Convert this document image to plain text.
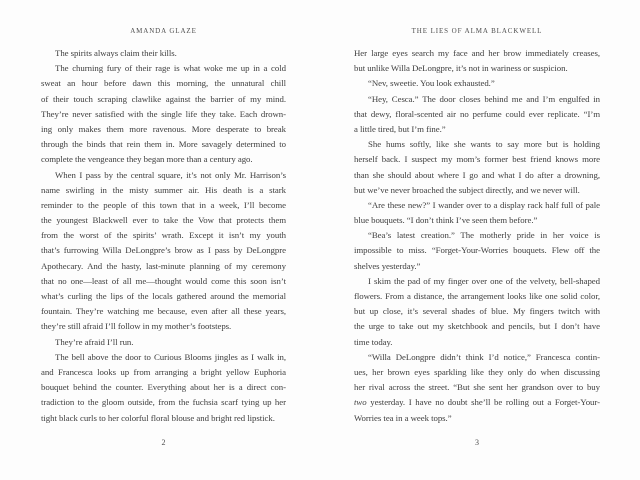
AMANDA GLAZE
The spirits always claim their kills.
The churning fury of their rage is what woke me up in a cold
sweat an hour before dawn this morning, the unnatural chill
of their touch scraping clawlike against the barrier of my mind.
They’re never satisfied with the single life they take. Each drown-
ing only makes them more ravenous. More desperate to break
through the binds that rein them in. More savagely determined to
complete the vengeance they began more than a century ago.
When I pass by the central square, it’s not only Mr. Harrison’s
name swirling in the misty summer air. His death is a stark
reminder to the people of this town that in a week, I’ll become
the youngest Blackwell ever to take the Vow that protects them
from the worst of the spirits’ wrath. Except it isn’t my youth
that’s furrowing Willa DeLongpre’s brow as I pass by DeLongpre
Apothecary. And the hasty, last-minute planning of my ceremony
that no one—least of all me—thought would come this soon isn’t
what’s curling the lips of the locals gathered around the memorial
fountain. They’re watching me because, even after all these years,
they’re still afraid I’ll follow in my mother’s footsteps.
They’re afraid I’ll run.
The bell above the door to Curious Blooms jingles as I walk in,
and Francesca looks up from arranging a bright yellow Euphoria
bouquet behind the counter. Everything about her is a direct con-
tradiction to the gloom outside, from the fuchsia scarf tying up her
tight black curls to her colorful floral blouse and bright red lipstick.
2
THE LIES OF ALMA BLACKWELL
Her large eyes search my face and her brow immediately creases,
but unlike Willa DeLongpre, it’s not in wariness or suspicion.
“Nev, sweetie. You look exhausted.”
“Hey, Cesca.” The door closes behind me and I’m engulfed in
that dewy, floral-scented air no perfume could ever replicate. “I’m
a little tired, but I’m fine.”
She hums softly, like she wants to say more but is holding
herself back. I suspect my mom’s former best friend knows more
than she should about where I go and what I do after a drowning,
but we’ve never broached the subject directly, and we never will.
“Are these new?” I wander over to a display rack half full of pale
blue bouquets. “I don’t think I’ve seen them before.”
“Bea’s latest creation.” The motherly pride in her voice is
impossible to miss. “Forget-Your-Worries bouquets. Flew off the
shelves yesterday.”
I skim the pad of my finger over one of the velvety, bell-shaped
flowers. From a distance, the arrangement looks like one solid color,
but up close, it’s several shades of blue. My fingers twitch with
the urge to take out my sketchbook and pencils, but I don’t have
time today.
“Willa DeLongpre didn’t think I’d notice,” Francesca contin-
ues, her brown eyes sparkling like they only do when discussing
her rival across the street. “But she sent her grandson over to buy
two yesterday. I have no doubt she’ll be rolling out a Forget-Your-
Worries tea in a week tops.”
3
